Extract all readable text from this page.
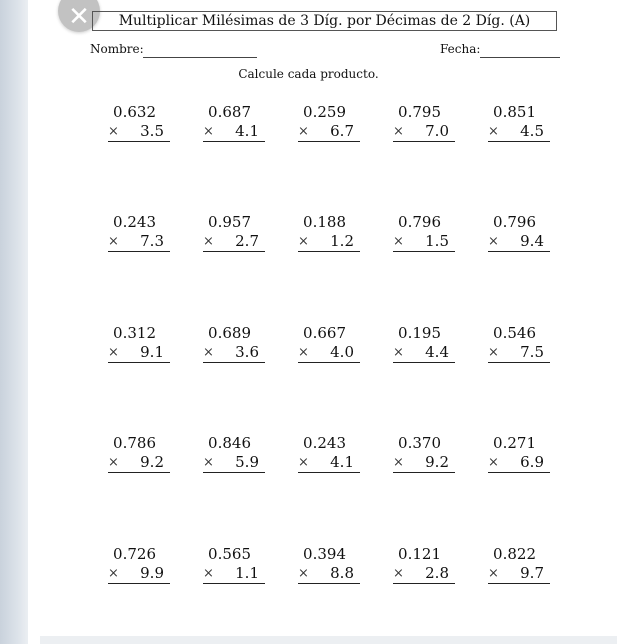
✕	Multiplicar Milésimas de 3 Díg. por Décimas de 2 Díg. (A)
Nombre:	Fecha:
Calcule cada producto.
0.632
× 3.5
0.687
× 4.1
0.259
× 6.7
0.795
× 7.0
0.851
× 4.5
0.243
× 7.3
0.957
× 2.7
0.188
× 1.2
0.796
× 1.5
0.796
× 9.4
0.312
× 9.1
0.689
× 3.6
0.667
× 4.0
0.195
× 4.4
0.546
× 7.5
0.786
× 9.2
0.846
× 5.9
0.243
× 4.1
0.370
× 9.2
0.271
× 6.9
0.726
× 9.9
0.565
× 1.1
0.394
× 8.8
0.121
× 2.8
0.822
× 9.7
